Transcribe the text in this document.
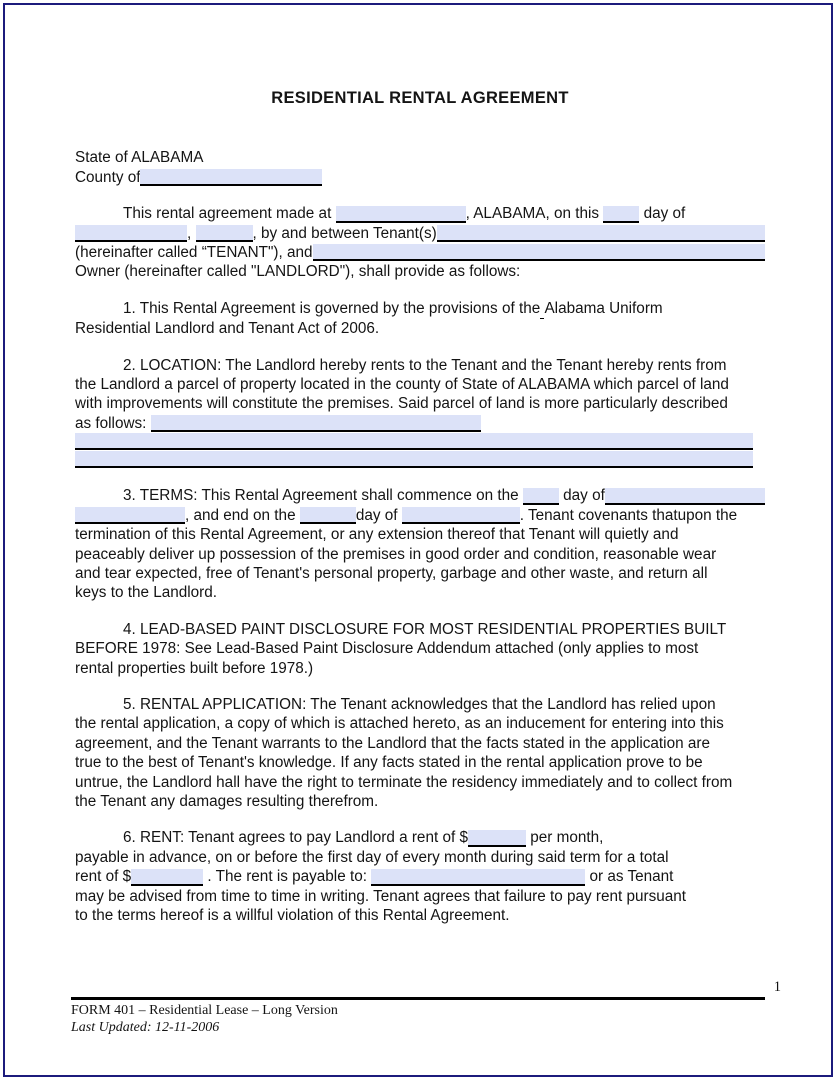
RESIDENTIAL RENTAL AGREEMENT
State of ALABAMA
County of
This rental agreement made at	, ALABAMA, on this day of
,	, by and between Tenant(s)
(hereinafter called “TENANT"), and
Owner (hereinafter called "LANDLORD"), shall provide as follows:
1. This Rental Agreement is governed by the provisions of the
Alabama Uniform
Residential Landlord and Tenant Act of 2006.
2. LOCATION: The Landlord hereby rents to the Tenant and the Tenant hereby rents from
the Landlord a parcel of property located in the county of State of ALABAMA which parcel of land
with improvements will constitute the premises. Said parcel of land is more particularly described
as follows:
3. TERMS: This Rental Agreement shall commence on the day of
, and end on the	day of	. Tenant covenants thatupon the
termination of this Rental Agreement, or any extension thereof that Tenant will quietly and
peaceably deliver up possession of the premises in good order and condition, reasonable wear
and tear expected, free of Tenant's personal property, garbage and other waste, and return all
keys to the Landlord.
4. LEAD-BASED PAINT DISCLOSURE FOR MOST RESIDENTIAL PROPERTIES BUILT
BEFORE 1978: See Lead-Based Paint Disclosure Addendum attached (only applies to most
rental properties built before 1978.)
5. RENTAL APPLICATION: The Tenant acknowledges that the Landlord has relied upon
the rental application, a copy of which is attached hereto, as an inducement for entering into this
agreement, and the Tenant warrants to the Landlord that the facts stated in the application are
true to the best of Tenant's knowledge. If any facts stated in the rental application prove to be
untrue, the Landlord hall have the right to terminate the residency immediately and to collect from
the Tenant any damages resulting therefrom.
6. RENT: Tenant agrees to pay Landlord a rent of $	per month,
payable in advance, on or before the first day of every month during said term for a total
rent of $	. The rent is payable to:	or as Tenant
may be advised from time to time in writing. Tenant agrees that failure to pay rent pursuant
to the terms hereof is a willful violation of this Rental Agreement.
1
FORM 401 – Residential Lease – Long Version
Last Updated: 12-11-2006
